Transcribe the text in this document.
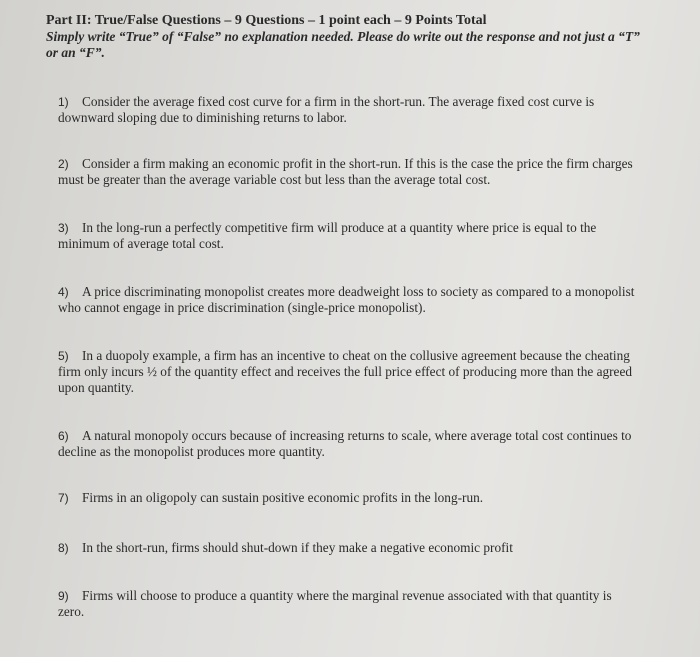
Part II: True/False Questions – 9 Questions – 1 point each – 9 Points Total
Simply write “True” of “False” no explanation needed. Please do write out the response and not just a “T” or an “F”.
1) Consider the average fixed cost curve for a firm in the short-run. The average fixed cost curve is downward sloping due to diminishing returns to labor.
2) Consider a firm making an economic profit in the short-run. If this is the case the price the firm charges must be greater than the average variable cost but less than the average total cost.
3) In the long-run a perfectly competitive firm will produce at a quantity where price is equal to the minimum of average total cost.
4) A price discriminating monopolist creates more deadweight loss to society as compared to a monopolist who cannot engage in price discrimination (single-price monopolist).
5) In a duopoly example, a firm has an incentive to cheat on the collusive agreement because the cheating firm only incurs ½ of the quantity effect and receives the full price effect of producing more than the agreed upon quantity.
6) A natural monopoly occurs because of increasing returns to scale, where average total cost continues to decline as the monopolist produces more quantity.
7) Firms in an oligopoly can sustain positive economic profits in the long-run.
8) In the short-run, firms should shut-down if they make a negative economic profit
9) Firms will choose to produce a quantity where the marginal revenue associated with that quantity is zero.
